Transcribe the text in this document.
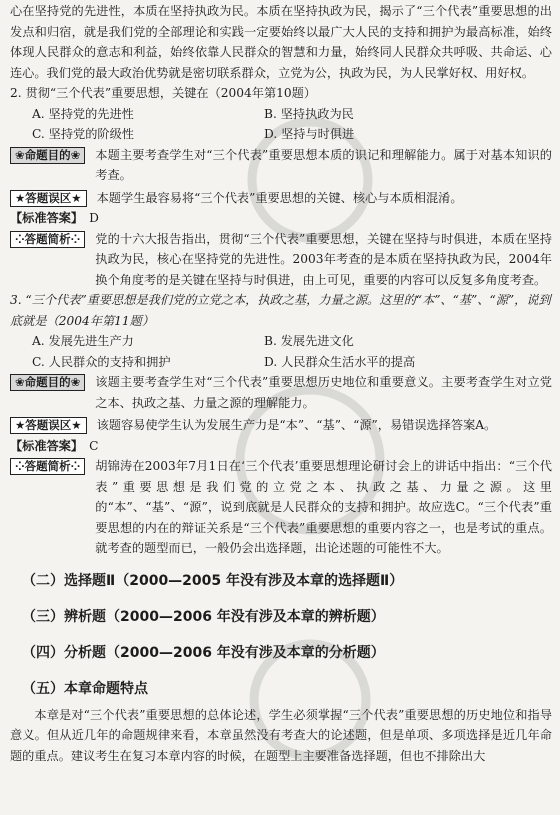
心在坚持党的先进性，本质在坚持执政为民。本质在坚持执政为民，揭示了“三个代表”重要思想的出发点和归宿，就是我们党的全部理论和实践一定要始终以最广大人民的支持和拥护为最高标准，始终体现人民群众的意志和利益，始终依靠人民群众的智慧和力量，始终同人民群众共呼吸、共命运、心连心。我们党的最大政治优势就是密切联系群众，立党为公，执政为民，为人民掌好权、用好权。

2. 贯彻“三个代表”重要思想，关键在（2004年第10题）

A. 坚持党的先进性	B. 坚持执政为民
C. 坚持党的阶级性	D. 坚持与时俱进
❀命题目的❀	本题主要考查学生对“三个代表”重要思想本质的识记和理解能力。属于对基本知识的考查。
★答题误区★	本题学生最容易将“三个代表”重要思想的关键、核心与本质相混淆。
【标准答案】 D
⁘答题简析⁘	党的十六大报告指出，贯彻“三个代表”重要思想，关键在坚持与时俱进，本质在坚持执政为民，核心在坚持党的先进性。2003年考查的是本质在坚持执政为民，2004年换个角度考的是关键在坚持与时俱进，由上可见，重要的内容可以反复多角度考查。

3. “三个代表”重要思想是我们党的立党之本，执政之基，力量之源。这里的“本”、“基”、“源”，说到底就是（2004年第11题）

A. 发展先进生产力	B. 发展先进文化
C. 人民群众的支持和拥护	D. 人民群众生活水平的提高
❀命题目的❀	该题主要考查学生对“三个代表”重要思想历史地位和重要意义。主要考查学生对立党之本、执政之基、力量之源的理解能力。
★答题误区★	该题容易使学生认为发展生产力是“本”、“基”、“源”，易错误选择答案A。
【标准答案】 C
⁘答题简析⁘	胡锦涛在2003年7月1日在‘三个代表’重要思想理论研讨会上的讲话中指出：“三个代表”重要思想是我们党的立党之本、执政之基、力量之源。这里的“本”、“基”、“源”，说到底就是人民群众的支持和拥护。故应选C。“三个代表”重要思想的内在的辩证关系是“三个代表”重要思想的重要内容之一，也是考试的重点。就考查的题型而已，一般仍会出选择题，出论述题的可能性不大。

（二）选择题Ⅱ（2000—2005 年没有涉及本章的选择题Ⅱ）

（三）辨析题（2000—2006 年没有涉及本章的辨析题）

（四）分析题（2000—2006 年没有涉及本章的分析题）

（五）本章命题特点

本章是对“三个代表”重要思想的总体论述，学生必须掌握“三个代表”重要思想的历史地位和指导意义。但从近几年的命题规律来看，本章虽然没有考查大的论述题，但是单项、多项选择是近几年命题的重点。建议考生在复习本章内容的时候，在题型上主要准备选择题，但也不排除出大
